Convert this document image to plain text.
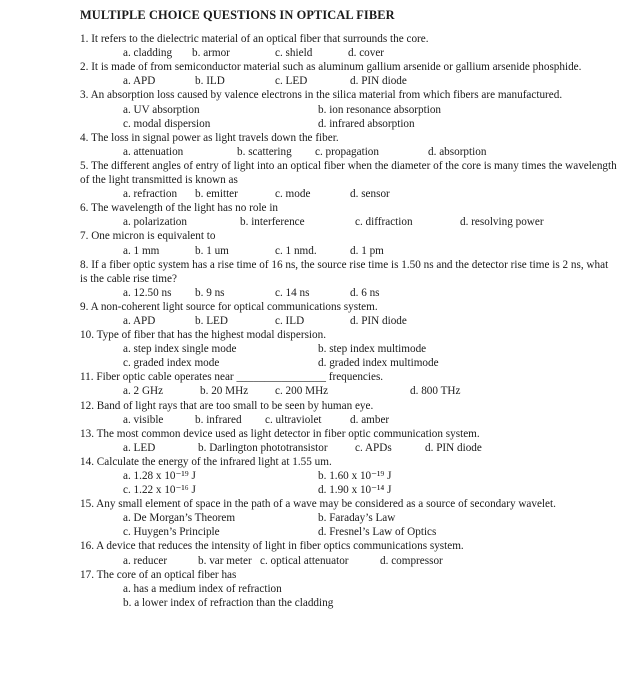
MULTIPLE CHOICE QUESTIONS IN OPTICAL FIBER
1. It refers to the dielectric material of an optical fiber that surrounds the core.
a. cladding b. armor	c. shield	d. cover
2. It is made of from semiconductor material such as aluminum gallium arsenide or gallium arsenide phosphide.
a. APD	b. ILD	c. LED	d. PIN diode
3. An absorption loss caused by valence electrons in the silica material from which fibers are manufactured.
a. UV absorption	b. ion resonance absorption
c. modal dispersion	d. infrared absorption
4. The loss in signal power as light travels down the fiber.
a. attenuation	b. scattering c. propagation	d. absorption
5. The different angles of entry of light into an optical fiber when the diameter of the core is many times the wavelength of the light transmitted is known as
a. refraction b. emitter	c. mode	d. sensor
6. The wavelength of the light has no role in
a. polarization	b. interference	c. diffraction	d. resolving power
7. One micron is equivalent to
a. 1 mm	b. 1 um	c. 1 nmd.	d. 1 pm
8. If a fiber optic system has a rise time of 16 ns, the source rise time is 1.50 ns and the detector rise time is 2 ns, what is the cable rise time?
a. 12.50 ns b. 9 ns	c. 14 ns	d. 6 ns
9. A non-coherent light source for optical communications system.
a. APD	b. LED	c. ILD	d. PIN diode
10. Type of fiber that has the highest modal dispersion.
a. step index single mode	b. step index multimode
c. graded index mode	d. graded index multimode
11. Fiber optic cable operates near ________________ frequencies.
a. 2 GHz	b. 20 MHz c. 200 MHz	d. 800 THz
12. Band of light rays that are too small to be seen by human eye.
a. visible	b. infrared c. ultraviolet	d. amber
13. The most common device used as light detector in fiber optic communication system.
a. LED	b. Darlington phototransistor c. APDs	d. PIN diode
14. Calculate the energy of the infrared light at 1.55 um.
a. 1.28 x 10⁻¹⁹ J	b. 1.60 x 10⁻¹⁹ J
c. 1.22 x 10⁻¹⁶ J	d. 1.90 x 10⁻¹⁴ J
15. Any small element of space in the path of a wave may be considered as a source of secondary wavelet.
a. De Morgan’s Theorem	b. Faraday’s Law
c. Huygen’s Principle	d. Fresnel’s Law of Optics
16. A device that reduces the intensity of light in fiber optics communications system.
a. reducer	b. var meter c. optical attenuator	d. compressor
17. The core of an optical fiber has
a. has a medium index of refraction
b. a lower index of refraction than the cladding
